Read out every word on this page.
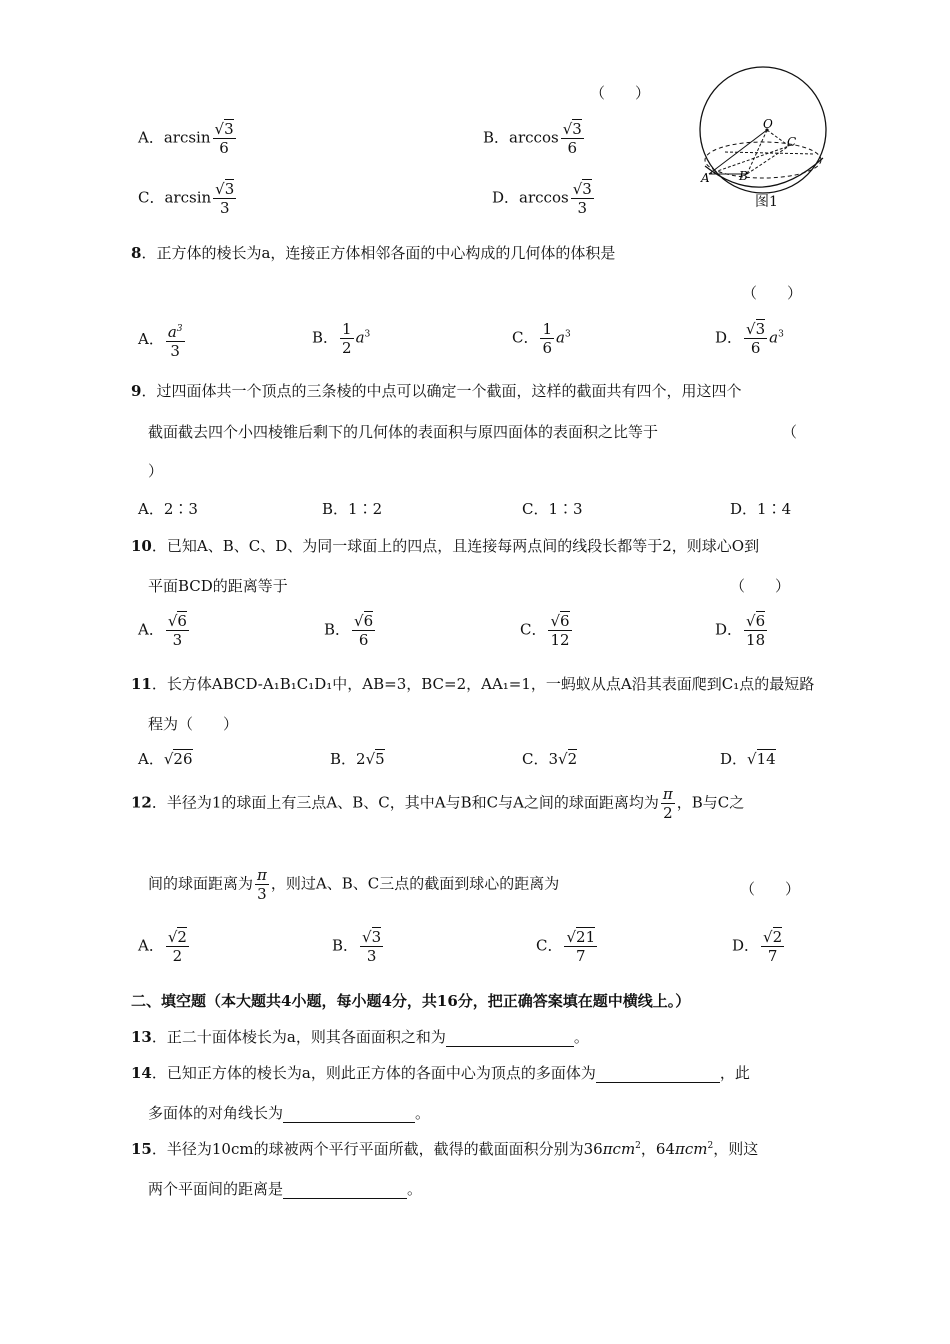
（　　）
A．$\arcsin \frac{√3}{6}$	B．$\arccos \frac{√3}{6}$
C．$\arcsin \frac{√3}{3}$	D．$\arccos \frac{√3}{3}$
O
C
A B
图1
8．正方体的棱长为a，连接正方体相邻各面的中心构成的几何体的体积是
（　　）
A． $\frac{a^3}{3}$	B． $\frac{1}{2} a^3$	C． $\frac{1}{6} a^3$	D． $\frac{√3}{6} a^3$
9．过四面体共一个顶点的三条棱的中点可以确定一个截面，这样的截面共有四个，用这四个
截面截去四个小四棱锥后剩下的几何体的表面积与原四面体的表面积之比等于	（
）
A．2∶3	B．1∶2	C．1∶3	D．1∶4
10．已知A、B、C、D、为同一球面上的四点，且连接每两点间的线段长都等于2，则球心O到
平面BCD的距离等于	（　　）
A． $\frac{√6}{3}$	B． $\frac{√6}{6}$	C． $\frac{√6}{12}$	D． $\frac{√6}{18}$
11．长方体ABCD-A₁B₁C₁D₁中，AB=3，BC=2，AA₁=1，一蚂蚁从点A沿其表面爬到C₁点的最短路
程为（　　）
A．√26	B．2√5	C．3√2	D．√14
12．半径为1的球面上有三点A、B、C，其中A与B和C与A之间的球面距离均为 $\frac{\pi}{2}$ ，B与C之
间的球面距离为 $\frac{\pi}{3}$ ，则过A、B、C三点的截面到球心的距离为	（　　）
A． $\frac{√2}{2}$	B． $\frac{√3}{3}$	C． $\frac{√21}{7}$	D． $\frac{√2}{7}$
二、填空题（本大题共4小题，每小题4分，共16分，把正确答案填在题中横线上。）
13．正二十面体棱长为a，则其各面面积之和为	。
14．已知正方体的棱长为a，则此正方体的各面中心为顶点的多面体为	，此
多面体的对角线长为	。
15．半径为10cm的球被两个平行平面所截，截得的截面面积分别为36πcm$^2$，64πcm$^2$，则这
两个平面间的距离是	。
